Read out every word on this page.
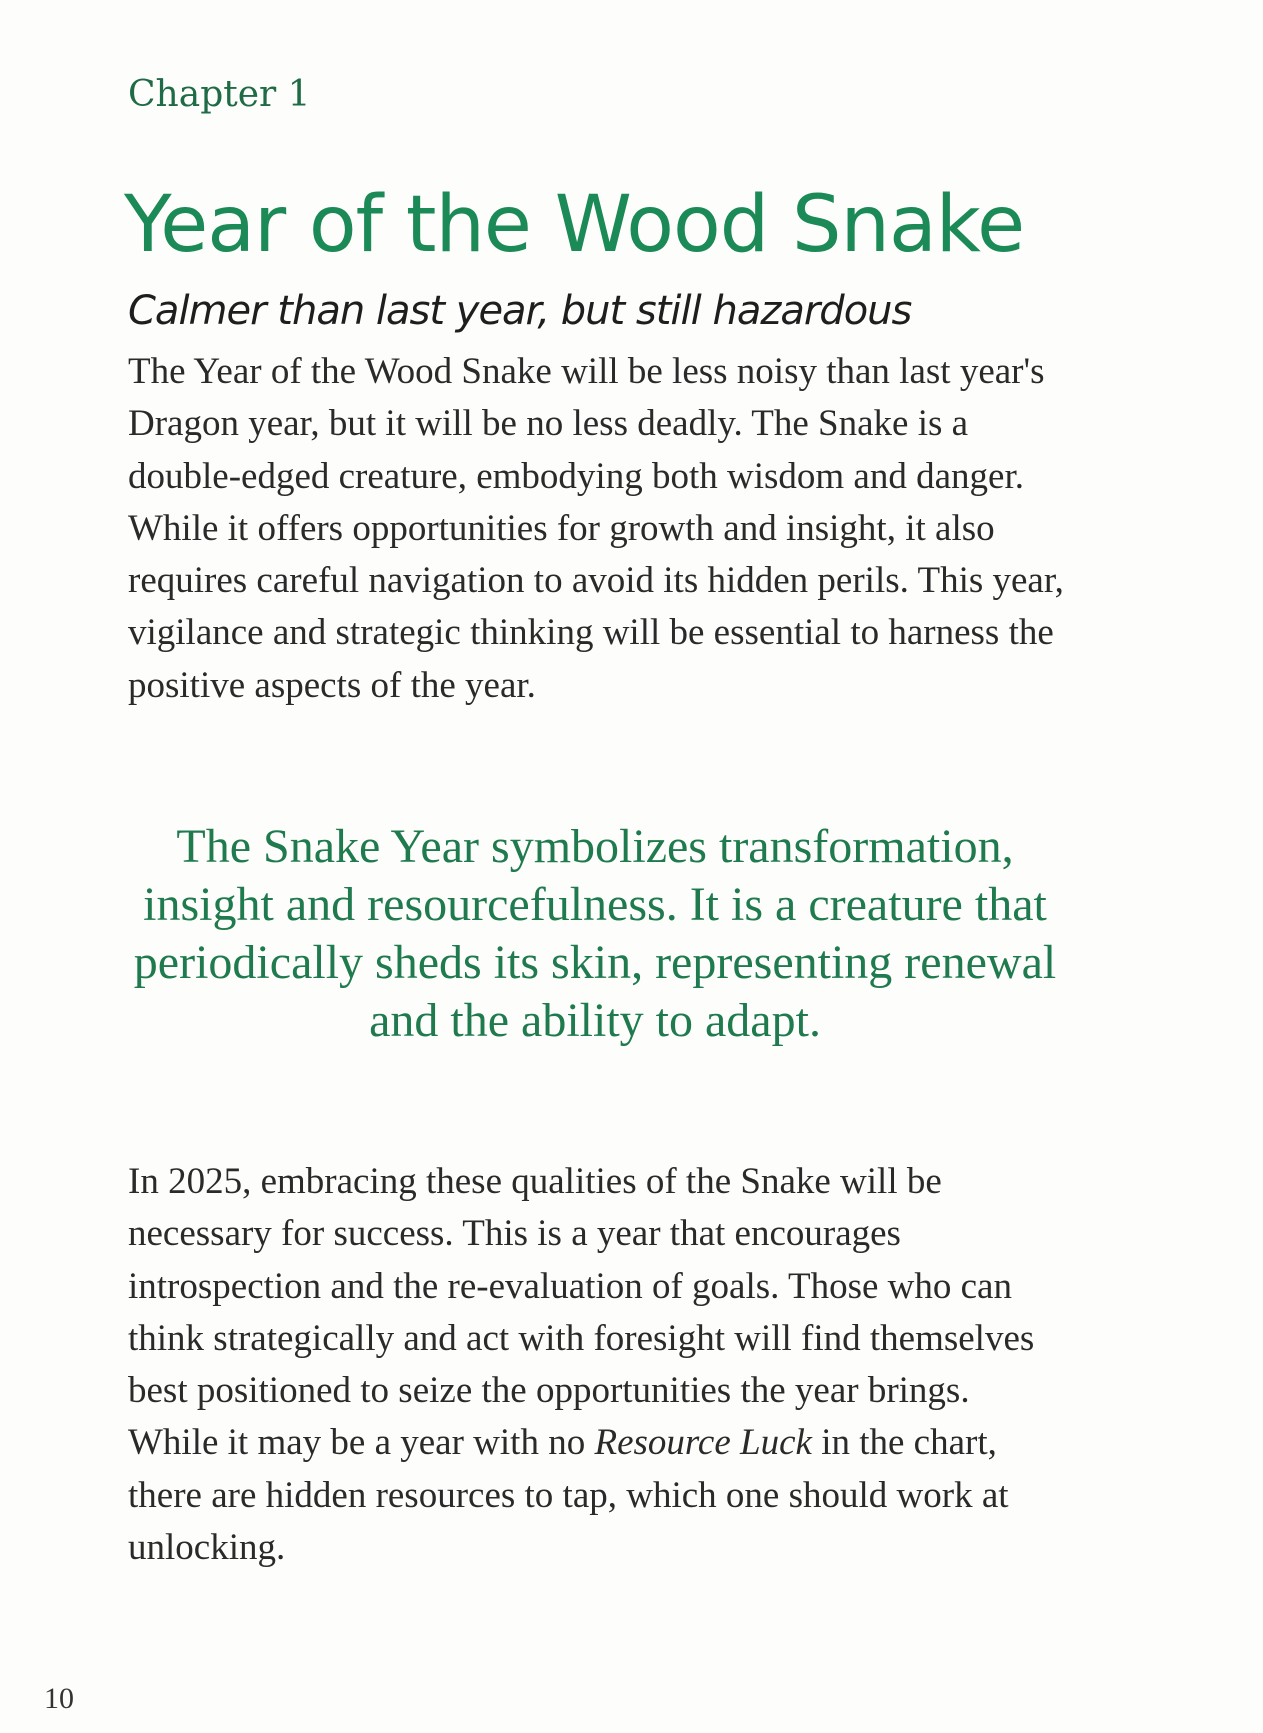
Chapter 1
Year of the Wood Snake
Calmer than last year, but still hazardous

The Year of the Wood Snake will be less noisy than last year's Dragon year, but it will be no less deadly. The Snake is a double-edged creature, embodying both wisdom and danger. While it offers opportunities for growth and insight, it also requires careful navigation to avoid its hidden perils. This year, vigilance and strategic thinking will be essential to harness the positive aspects of the year.

The Snake Year symbolizes transformation, insight and resourcefulness. It is a creature that periodically sheds its skin, representing renewal and the ability to adapt.

In 2025, embracing these qualities of the Snake will be necessary for success. This is a year that encourages introspection and the re-evaluation of goals. Those who can think strategically and act with foresight will find themselves best positioned to seize the opportunities the year brings. While it may be a year with no Resource Luck in the chart, there are hidden resources to tap, which one should work at unlocking.

10
